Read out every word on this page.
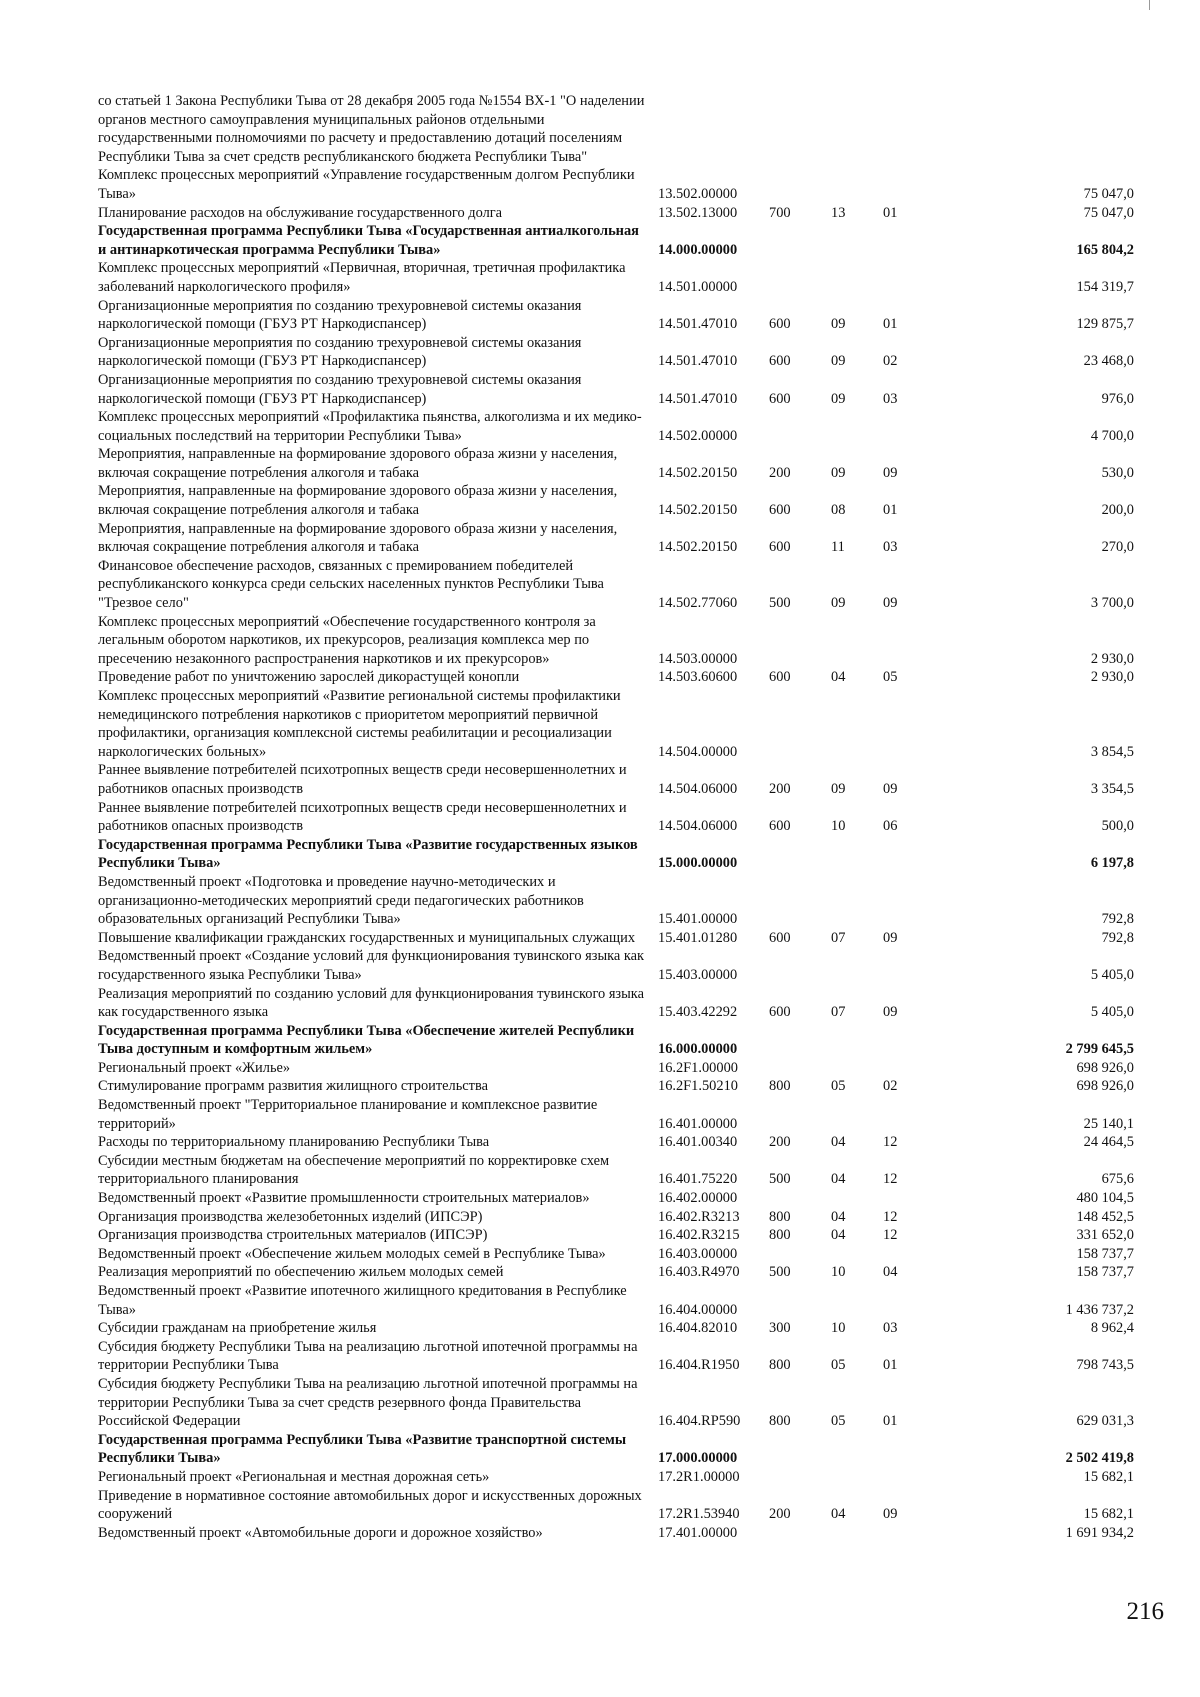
со статьей 1 Закона Республики Тыва от 28 декабря 2005 года №1554 ВХ-1 "О наделении органов местного самоуправления муниципальных районов отдельными государственными полномочиями по расчету и предоставлению дотаций поселениям Республики Тыва за счет средств республиканского бюджета Республики Тыва"					
Комплекс процессных мероприятий «Управление государственным долгом Республики Тыва»	13.502.00000				75 047,0
Планирование расходов на обслуживание государственного долга	13.502.13000	700	13	01	75 047,0
Государственная программа Республики Тыва «Государственная антиалкогольная и антинаркотическая программа Республики Тыва»	14.000.00000				165 804,2
Комплекс процессных мероприятий «Первичная, вторичная, третичная профилактика заболеваний наркологического профиля»	14.501.00000				154 319,7
Организационные мероприятия по созданию трехуровневой системы оказания наркологической помощи (ГБУЗ РТ Наркодиспансер)	14.501.47010	600	09	01	129 875,7
Организационные мероприятия по созданию трехуровневой системы оказания наркологической помощи (ГБУЗ РТ Наркодиспансер)	14.501.47010	600	09	02	23 468,0
Организационные мероприятия по созданию трехуровневой системы оказания наркологической помощи (ГБУЗ РТ Наркодиспансер)	14.501.47010	600	09	03	976,0
Комплекс процессных мероприятий «Профилактика пьянства, алкоголизма и их медико-социальных последствий на территории Республики Тыва»	14.502.00000				4 700,0
Мероприятия, направленные на формирование здорового образа жизни у населения, включая сокращение потребления алкоголя и табака	14.502.20150	200	09	09	530,0
Мероприятия, направленные на формирование здорового образа жизни у населения, включая сокращение потребления алкоголя и табака	14.502.20150	600	08	01	200,0
Мероприятия, направленные на формирование здорового образа жизни у населения, включая сокращение потребления алкоголя и табака	14.502.20150	600	11	03	270,0
Финансовое обеспечение расходов, связанных с премированием победителей республиканского конкурса среди сельских населенных пунктов Республики Тыва "Трезвое село"	14.502.77060	500	09	09	3 700,0
Комплекс процессных мероприятий «Обеспечение государственного контроля за легальным оборотом наркотиков, их прекурсоров, реализация комплекса мер по пресечению незаконного распространения наркотиков и их прекурсоров»	14.503.00000				2 930,0
Проведение работ по уничтожению зарослей дикорастущей конопли	14.503.60600	600	04	05	2 930,0
Комплекс процессных мероприятий «Развитие региональной системы профилактики немедицинского потребления наркотиков с приоритетом мероприятий первичной профилактики, организация комплексной системы реабилитации и ресоциализации наркологических больных»	14.504.00000				3 854,5
Раннее выявление потребителей психотропных веществ среди несовершеннолетних и работников опасных производств	14.504.06000	200	09	09	3 354,5
Раннее выявление потребителей психотропных веществ среди несовершеннолетних и работников опасных производств	14.504.06000	600	10	06	500,0
Государственная программа Республики Тыва «Развитие государственных языков Республики Тыва»	15.000.00000				6 197,8
Ведомственный проект «Подготовка и проведение научно-методических и организационно-методических мероприятий среди педагогических работников образовательных организаций Республики Тыва»	15.401.00000				792,8
Повышение квалификации гражданских государственных и муниципальных служащих	15.401.01280	600	07	09	792,8
Ведомственный проект «Создание условий для функционирования тувинского языка как государственного языка Республики Тыва»	15.403.00000				5 405,0
Реализация мероприятий по созданию условий для функционирования тувинского языка как государственного языка	15.403.42292	600	07	09	5 405,0
Государственная программа Республики Тыва «Обеспечение жителей Республики Тыва доступным и комфортным жильем»	16.000.00000				2 799 645,5
Региональный проект «Жилье»	16.2F1.00000				698 926,0
Стимулирование программ развития жилищного строительства	16.2F1.50210	800	05	02	698 926,0
Ведомственный проект "Территориальное планирование и комплексное развитие территорий»	16.401.00000				25 140,1
Расходы по территориальному планированию Республики Тыва	16.401.00340	200	04	12	24 464,5
Субсидии местным бюджетам на обеспечение мероприятий по корректировке схем территориального планирования	16.401.75220	500	04	12	675,6
Ведомственный проект «Развитие промышленности строительных материалов»	16.402.00000				480 104,5
Организация производства железобетонных изделий (ИПСЭР)	16.402.R3213	800	04	12	148 452,5
Организация производства строительных материалов (ИПСЭР)	16.402.R3215	800	04	12	331 652,0
Ведомственный проект «Обеспечение жильем молодых семей в Республике Тыва»	16.403.00000				158 737,7
Реализация мероприятий по обеспечению жильем молодых семей	16.403.R4970	500	10	04	158 737,7
Ведомственный проект «Развитие ипотечного жилищного кредитования в Республике Тыва»	16.404.00000				1 436 737,2
Субсидии гражданам на приобретение жилья	16.404.82010	300	10	03	8 962,4
Субсидия бюджету Республики Тыва на реализацию льготной ипотечной программы на территории Республики Тыва	16.404.R1950	800	05	01	798 743,5
Субсидия бюджету Республики Тыва на реализацию льготной ипотечной программы на территории Республики Тыва за счет средств резервного фонда Правительства Российской Федерации	16.404.RP590	800	05	01	629 031,3
Государственная программа Республики Тыва «Развитие транспортной системы Республики Тыва»	17.000.00000				2 502 419,8
Региональный проект «Региональная и местная дорожная сеть»	17.2R1.00000				15 682,1
Приведение в нормативное состояние автомобильных дорог и искусственных дорожных сооружений	17.2R1.53940	200	04	09	15 682,1
Ведомственный проект «Автомобильные дороги и дорожное хозяйство»	17.401.00000				1 691 934,2
216
